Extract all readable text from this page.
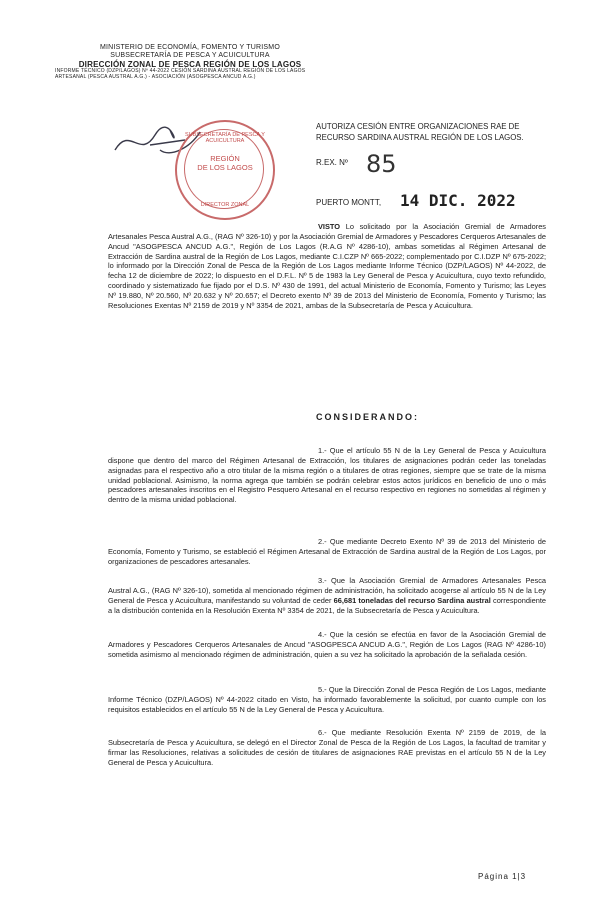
MINISTERIO DE ECONOMÍA, FOMENTO Y TURISMO
SUBSECRETARÍA DE PESCA Y ACUICULTURA
DIRECCIÓN ZONAL DE PESCA REGIÓN DE LOS LAGOS
INFORME TÉCNICO (DZP/LAGOS) Nº 44-2022 CESIÓN SARDINA AUSTRAL REGIÓN DE LOS LAGOS
ARTESANAL (PESCA AUSTRAL A.G.) - ASOCIACIÓN (ASOGPESCA ANCUD A.G.)
SUBSECRETARÍA DE PESCA Y ACUICULTURA
REGIÓN
DE LOS LAGOS
DIRECTOR ZONAL
AUTORIZA CESIÓN ENTRE ORGANIZACIONES RAE DE RECURSO SARDINA AUSTRAL REGIÓN DE LOS LAGOS.
R.EX. Nº 85
PUERTO MONTT, 14 DIC. 2022
VISTO Lo solicitado por la Asociación Gremial de Armadores Artesanales Pesca Austral A.G., (RAG Nº 326-10) y por la Asociación Gremial de Armadores y Pescadores Cerqueros Artesanales de Ancud "ASOGPESCA ANCUD A.G.", Región de Los Lagos (R.A.G Nº 4286-10), ambas sometidas al Régimen Artesanal de Extracción de Sardina austral de la Región de Los Lagos, mediante C.I.CZP Nº 665-2022; complementado por C.I.DZP Nº 675-2022; lo informado por la Dirección Zonal de Pesca de la Región de Los Lagos mediante Informe Técnico (DZP/LAGOS) Nº 44-2022, de fecha 12 de diciembre de 2022; lo dispuesto en el D.F.L. Nº 5 de 1983 la Ley General de Pesca y Acuicultura, cuyo texto refundido, coordinado y sistematizado fue fijado por el D.S. Nº 430 de 1991, del actual Ministerio de Economía, Fomento y Turismo; las Leyes Nº 19.880, Nº 20.560, Nº 20.632 y Nº 20.657; el Decreto exento Nº 39 de 2013 del Ministerio de Economía, Fomento y Turismo; las Resoluciones Exentas Nº 2159 de 2019 y Nº 3354 de 2021, ambas de la Subsecretaría de Pesca y Acuicultura.
CONSIDERANDO:
1.- Que el artículo 55 N de la Ley General de Pesca y Acuicultura dispone que dentro del marco del Régimen Artesanal de Extracción, los titulares de asignaciones podrán ceder las toneladas asignadas para el respectivo año a otro titular de la misma región o a titulares de otras regiones, siempre que se trate de la misma unidad poblacional. Asimismo, la norma agrega que también se podrán celebrar estos actos jurídicos en beneficio de uno o más pescadores artesanales inscritos en el Registro Pesquero Artesanal en el recurso respectivo en regiones no sometidas al régimen y dentro de la misma unidad poblacional.
2.- Que mediante Decreto Exento Nº 39 de 2013 del Ministerio de Economía, Fomento y Turismo, se estableció el Régimen Artesanal de Extracción de Sardina austral de la Región de Los Lagos, por organizaciones de pescadores artesanales.
3.- Que la Asociación Gremial de Armadores Artesanales Pesca Austral A.G., (RAG Nº 326-10), sometida al mencionado régimen de administración, ha solicitado acogerse al artículo 55 N de la Ley General de Pesca y Acuicultura, manifestando su voluntad de ceder 66,681 toneladas del recurso Sardina austral correspondiente a la distribución contenida en la Resolución Exenta Nº 3354 de 2021, de la Subsecretaría de Pesca y Acuicultura.
4.- Que la cesión se efectúa en favor de la Asociación Gremial de Armadores y Pescadores Cerqueros Artesanales de Ancud "ASOGPESCA ANCUD A.G.", Región de Los Lagos (RAG Nº 4286-10) sometida asimismo al mencionado régimen de administración, quien a su vez ha solicitado la aprobación de la señalada cesión.
5.- Que la Dirección Zonal de Pesca Región de Los Lagos, mediante Informe Técnico (DZP/LAGOS) Nº 44-2022 citado en Visto, ha informado favorablemente la solicitud, por cuanto cumple con los requisitos establecidos en el artículo 55 N de la Ley General de Pesca y Acuicultura.
6.- Que mediante Resolución Exenta Nº 2159 de 2019, de la Subsecretaría de Pesca y Acuicultura, se delegó en el Director Zonal de Pesca de la Región de Los Lagos, la facultad de tramitar y firmar las Resoluciones, relativas a solicitudes de cesión de titulares de asignaciones RAE previstas en el artículo 55 N de la Ley General de Pesca y Acuicultura.
Página 1|3
